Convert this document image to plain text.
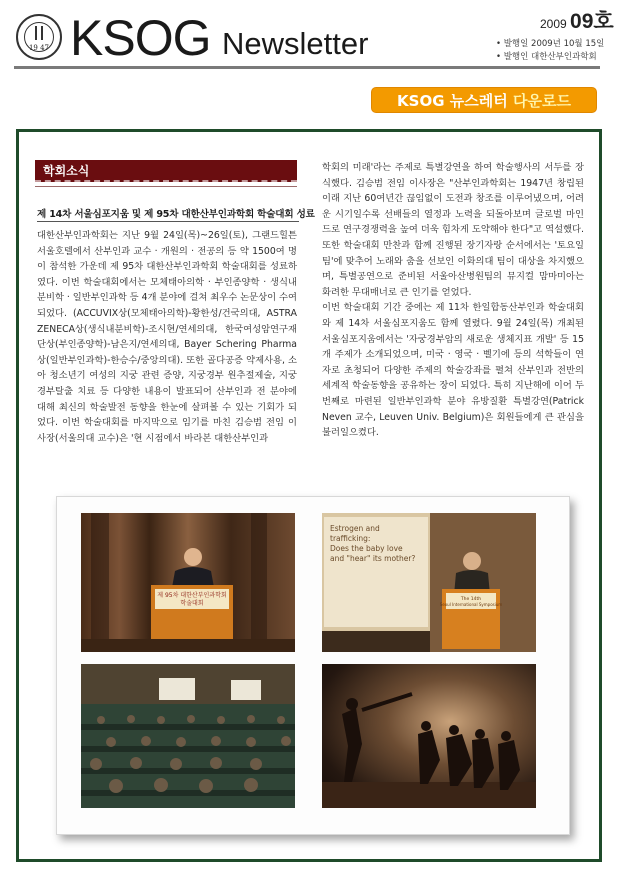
19 47 KSOG Newsletter
2009 09호
• 발행일 2009년 10월 15일
• 발행인 대한산부인과학회
KSOG 뉴스레터 다운로드
학회소식
제 14차 서울심포지움 및 제 95차 대한산부인과학회 학술대회 성료

대한산부인과학회는 지난 9월 24일(목)~26일(토), 그랜드힐튼서울호텔에서 산부인과 교수 · 개원의 · 전공의 등 약 1500여 명이 참석한 가운데 제 95차 대한산부인과학회 학술대회를 성료하였다. 이번 학술대회에서는 모체태아의학 · 부인종양학 · 생식내분비학 · 일반부인과학 등 4개 분야에 걸쳐 최우수 논문상이 수여되었다. (ACCUVIX상(모체태아의학)-황한성/건국의대, ASTRA ZENECA상(생식내분비학)-조시현/연세의대, 한국여성암연구재단상(부인종양학)-남은지/연세의대, Bayer Schering Pharma상(일반부인과학)-한승수/중앙의대). 또한 골다공증 약제사용, 소아 청소년기 여성의 지궁 관련 증양, 지궁경부 원추절제술, 지궁경부탈출 치료 등 다양한 내용이 발표되어 산부인과 전 분야에 대해 최신의 학술발전 동향을 한눈에 살펴볼 수 있는 기회가 되었다. 이번 학술대회를 마지막으로 임기를 마친 김승범 전임 이사장(서울의대 교수)은 '현 시점에서 바라본 대한산부인과

학회의 미래'라는 주제로 특별강연을 하여 학술행사의 서두를 장식했다. 김승범 전임 이사장은 "산부인과학회는 1947년 창립된 이래 지난 60여년간 끊임없이 도전과 창조를 이루어냈으며, 어려운 시기일수록 선배들의 열정과 노력을 되돌아보며 글로벌 마인드로 연구경쟁력을 높여 더욱 힘차게 도약해야 한다"고 역설했다. 또한 학술대회 만찬과 함께 진행된 장기자랑 순서에서는 '토요일팀'에 맞추어 노래와 춤을 선보인 이화의대 팀이 대상을 차지했으며, 특별공연으로 준비된 서울아산병원팀의 뮤지컬 맘마미아는 화려한 무대매너로 큰 인기를 얻었다.

이번 학술대회 기간 중에는 제 11차 한일합동산부인과 학술대회와 제 14차 서울심포지움도 함께 열렸다. 9월 24일(목) 개최된 서울심포지움에서는 '자궁경부암의 새로운 생체지표 개발' 등 15개 주제가 소개되었으며, 미국 · 영국 · 벨기에 등의 석학들이 연자로 초청되어 다양한 주제의 학술강좌를 펼쳐 산부인과 전반의 세계적 학술동향을 공유하는 장이 되었다. 특히 지난해에 이어 두 번째로 마련된 일반부인과학 분야 유방질환 특별강연(Patrick Neven 교수, Leuven Univ. Belgium)은 회원들에게 큰 관심을 불러일으켰다.

제 95차 대한산부인과학회
학술대회
Estrogen and
trafficking:
Does the baby love
and "hear" its mother?
The 14th
Seoul International Symposium
